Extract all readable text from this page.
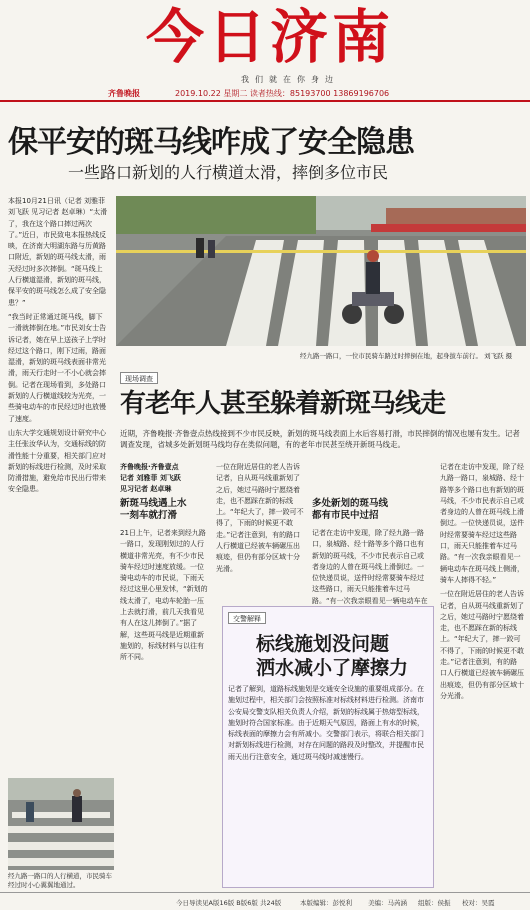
今日济南
我们就在你身边
齐鲁晚报	2019.10.22 星期二 读者热线：85193700 13869196706
保平安的斑马线咋成了安全隐患
一些路口新划的人行横道太滑，摔倒多位市民

本报10月21日讯（记者 刘雅菲 刘飞跃 见习记者 赵卓琳）“太滑了，我在这个路口摔过两次了。”近日，市民致电本报热线反映，在济南大明湖东路与历黄路口附近，新划的斑马线太滑，雨天经过时多次摔倒。“斑马线上人行横道湿滑，新划的斑马线，保平安的斑马线怎么成了安全隐患？”

“我当时正常通过斑马线，脚下一滑就摔倒在地。”市民刘女士告诉记者，她在早上送孩子上学时经过这个路口，刚下过雨，路面湿滑，新划的斑马线表面非常光滑，雨天行走时一不小心就会摔倒。记者在现场看到，多处路口新划的人行横道线较为光亮，一些骑电动车的市民经过时也放慢了速度。

山东大学交通规划设计研究中心主任张汝华认为，交通标线的防滑性能十分重要，相关部门应对新划的标线进行检测，及时采取防滑措施，避免给市民出行带来安全隐患。

经九路一路口，一位市民骑车路过时摔倒在地，起身拔车前行。 刘飞跃 摄
现场调查
有老年人甚至躲着新斑马线走
近期，齐鲁晚报·齐鲁壹点热线接到不少市民反映，新划的斑马线表面上水后容易打滑，市民摔倒的情况也屡有发生。记者调查发现，省城多处新划斑马线均存在类似问题，有的老年市民甚至绕开新斑马线走。
齐鲁晚报·齐鲁壹点
记者 刘雅菲 刘飞跃
见习记者 赵卓琳
新斑马线遇上水
一刻车就打滑
21日上午，记者来到经九路一路口，发现刚划过的人行横道非常光亮，有不少市民骑车经过时速度放缓。一位骑电动车的市民说，下雨天经过这里心里发怵，“新划的线太滑了，电动车轮胎一压上去就打滑，前几天我看见有人在这儿摔倒了。”据了解，这些斑马线是近期重新施划的，标线材料与以往有所不同。
一位在附近居住的老人告诉记者，自从斑马线重新划了之后，她过马路时宁愿绕着走，也不愿踩在新的标线上。“年纪大了，摔一跤可不得了，下雨的时候更不敢走。”记者注意到，有的路口人行横道已经被车辆碾压出痕迹，但仍有部分区域十分光滑。
多处新划的斑马线
都有市民中过招
记者在走访中发现，除了经九路一路口，泉城路、经十路等多个路口也有新划的斑马线，不少市民表示自己或者身边的人曾在斑马线上滑倒过。一位快递员说，送件时经常要骑车经过这些路口，雨天只能推着车过马路。“有一次我亲眼看见一辆电动车在
交警解释
标线施划没问题
洒水减小了摩擦力
记者了解到，道路标线施划是交通安全设施的重要组成部分。在施划过程中，相关部门会按照标准对标线材料进行检测。济南市公安局交警支队相关负责人介绍，新划的标线属于热熔型标线，施划时符合国家标准。由于近期天气原因，路面上有水的时候，标线表面的摩擦力会有所减小。交警部门表示，将联合相关部门对新划标线进行检测，对存在问题的路段及时整改，并提醒市民雨天出行注意安全，通过斑马线时减速慢行。

记者在走访中发现，除了经九路一路口，泉城路、经十路等多个路口也有新划的斑马线，不少市民表示自己或者身边的人曾在斑马线上滑倒过。一位快递员说，送件时经常要骑车经过这些路口，雨天只能推着车过马路。“有一次我亲眼看见一辆电动车在斑马线上侧滑，骑车人摔得不轻。”

一位在附近居住的老人告诉记者，自从斑马线重新划了之后，她过马路时宁愿绕着走，也不愿踩在新的标线上。“年纪大了，摔一跤可不得了，下雨的时候更不敢走。”记者注意到，有的路口人行横道已经被车辆碾压出痕迹，但仍有部分区域十分光滑。

经九路一路口的人行横道，市民骑车经过时小心翼翼地通过。
今日导读见A版16版 B版6版 共24版	本版编辑：彭悦利 美编：马芮涵 组版：侯振 校对：吴霞
